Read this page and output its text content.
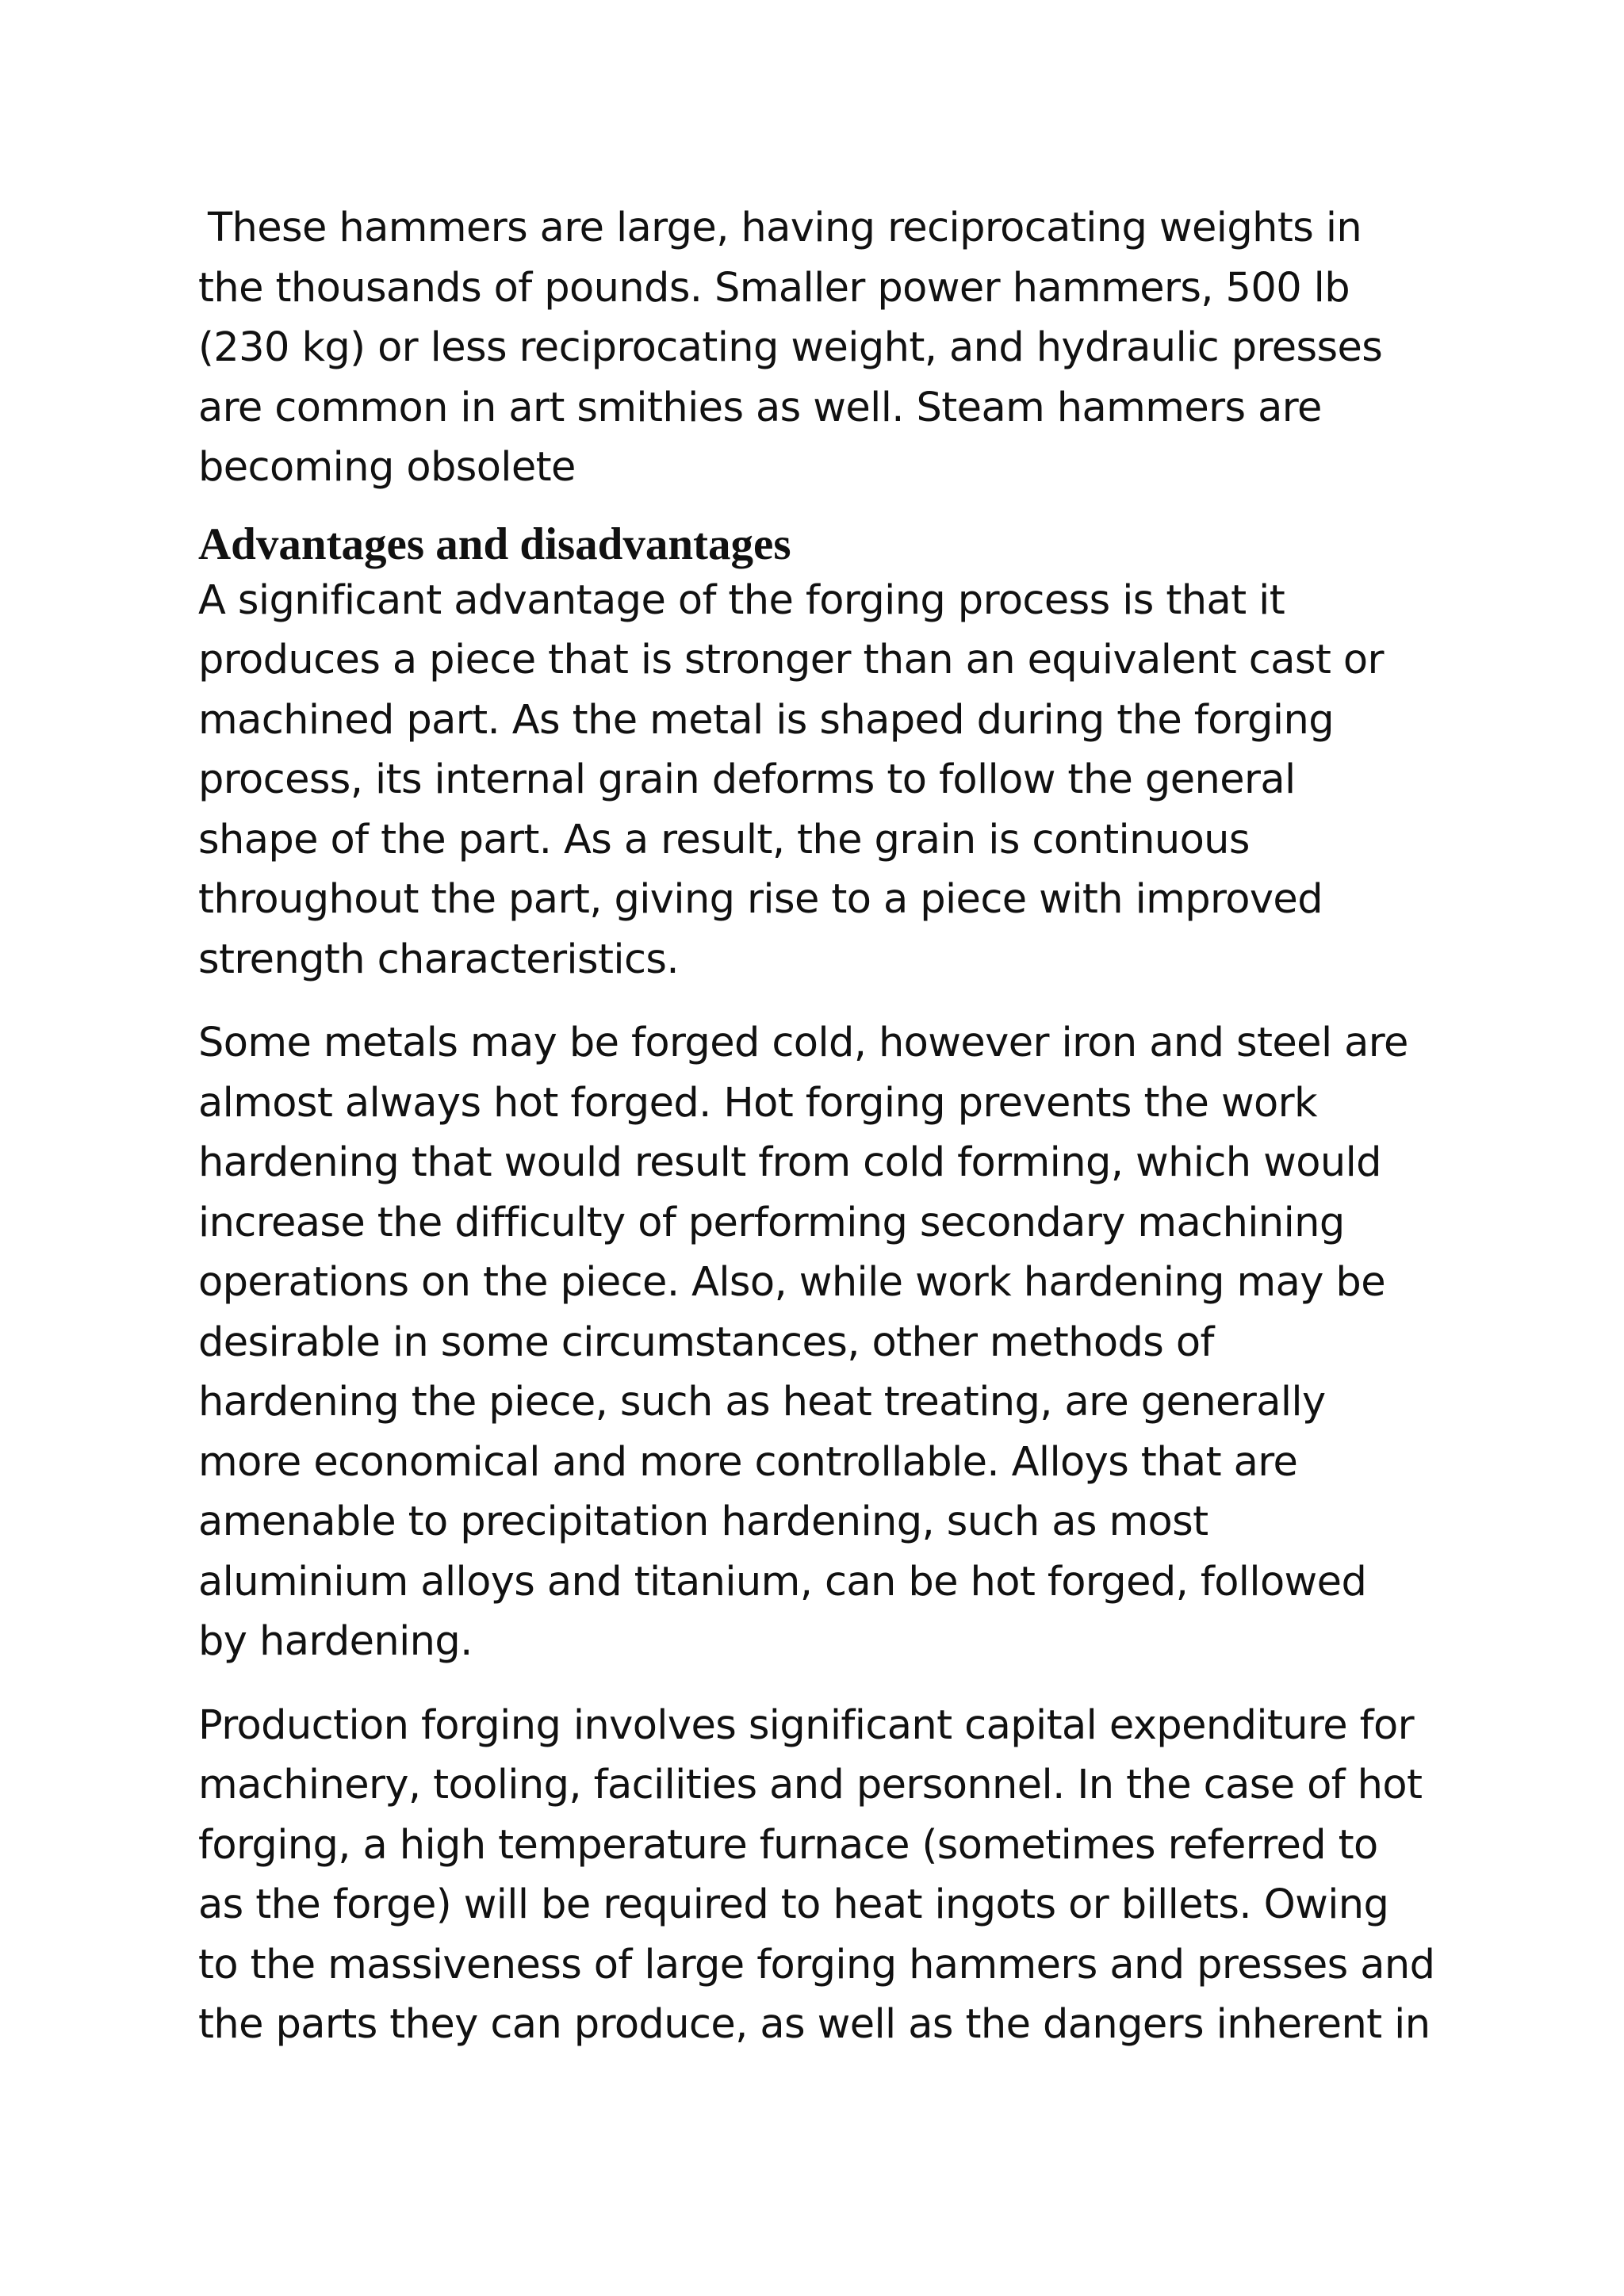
These hammers are large, having reciprocating weights in
the thousands of pounds. Smaller power hammers, 500 lb
(230 kg) or less reciprocating weight, and hydraulic presses
are common in art smithies as well. Steam hammers are
becoming obsolete

Advantages and disadvantages

A significant advantage of the forging process is that it
produces a piece that is stronger than an equivalent cast or
machined part. As the metal is shaped during the forging
process, its internal grain deforms to follow the general
shape of the part. As a result, the grain is continuous
throughout the part, giving rise to a piece with improved
strength characteristics.

Some metals may be forged cold, however iron and steel are
almost always hot forged. Hot forging prevents the work
hardening that would result from cold forming, which would
increase the difficulty of performing secondary machining
operations on the piece. Also, while work hardening may be
desirable in some circumstances, other methods of
hardening the piece, such as heat treating, are generally
more economical and more controllable. Alloys that are
amenable to precipitation hardening, such as most
aluminium alloys and titanium, can be hot forged, followed
by hardening.

Production forging involves significant capital expenditure for
machinery, tooling, facilities and personnel. In the case of hot
forging, a high temperature furnace (sometimes referred to
as the forge) will be required to heat ingots or billets. Owing
to the massiveness of large forging hammers and presses and
the parts they can produce, as well as the dangers inherent in
